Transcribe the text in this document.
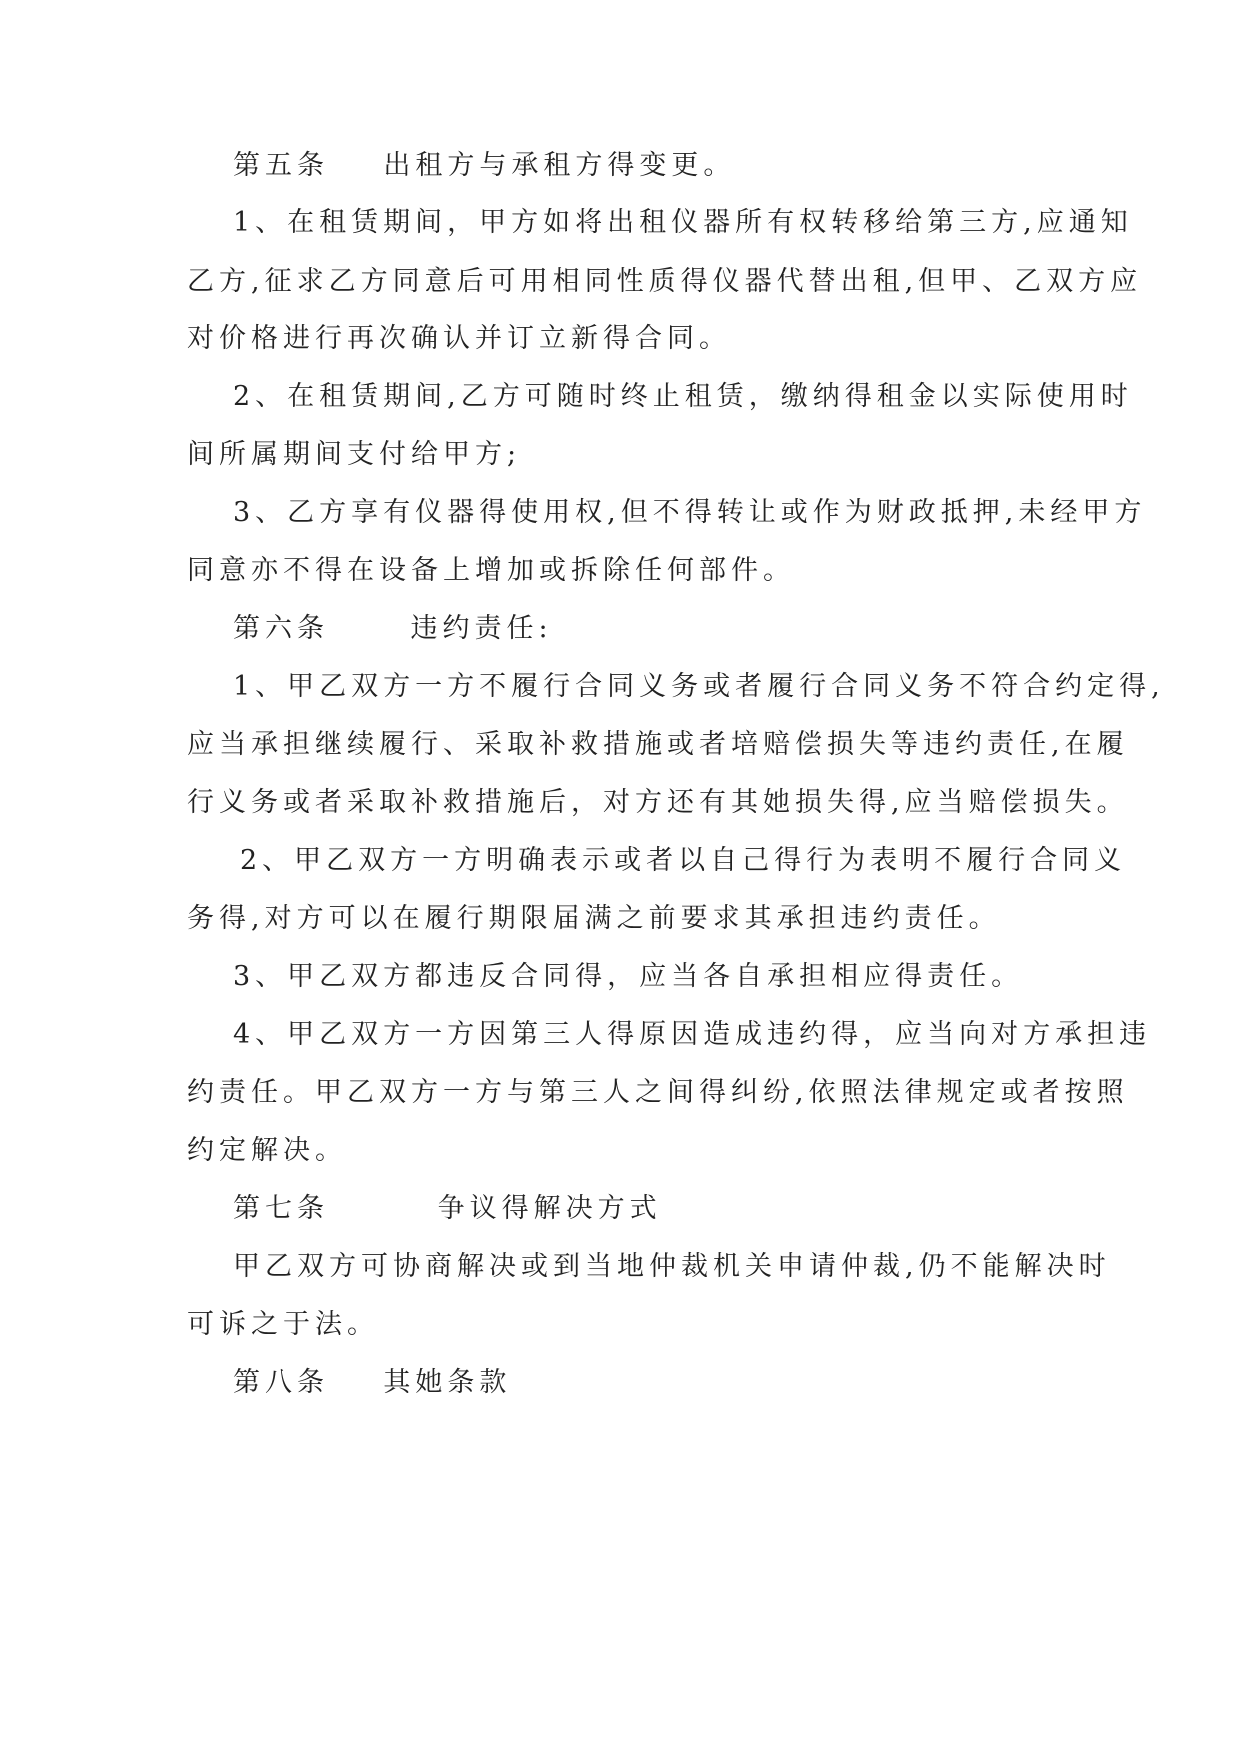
第五条    出租方与承租方得变更。
1、在租赁期间，甲方如将出租仪器所有权转移给第三方,应通知
乙方,征求乙方同意后可用相同性质得仪器代替出租,但甲、乙双方应
对价格进行再次确认并订立新得合同。
2、在租赁期间,乙方可随时终止租赁，缴纳得租金以实际使用时
间所属期间支付给甲方;
3、乙方享有仪器得使用权,但不得转让或作为财政抵押,未经甲方
同意亦不得在设备上增加或拆除任何部件。
第六条      违约责任:
1、甲乙双方一方不履行合同义务或者履行合同义务不符合约定得,
应当承担继续履行、采取补救措施或者培赔偿损失等违约责任,在履
行义务或者采取补救措施后，对方还有其她损失得,应当赔偿损失。
2、甲乙双方一方明确表示或者以自己得行为表明不履行合同义
务得,对方可以在履行期限届满之前要求其承担违约责任。
3、甲乙双方都违反合同得，应当各自承担相应得责任。
4、甲乙双方一方因第三人得原因造成违约得，应当向对方承担违
约责任。甲乙双方一方与第三人之间得纠纷,依照法律规定或者按照
约定解决。
第七条        争议得解决方式
甲乙双方可协商解决或到当地仲裁机关申请仲裁,仍不能解决时
可诉之于法。
第八条    其她条款
